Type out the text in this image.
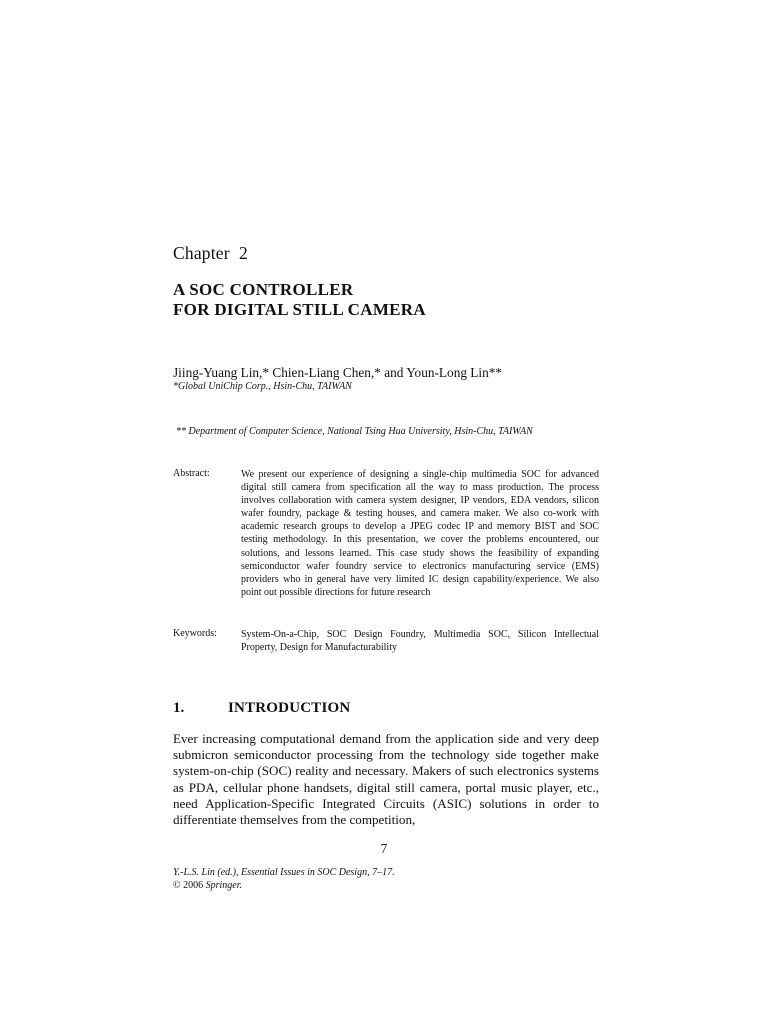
Chapter  2
A SOC CONTROLLER
FOR DIGITAL STILL CAMERA
Jiing-Yuang Lin,* Chien-Liang Chen,* and Youn-Long Lin**
*Global UniChip Corp., Hsin-Chu, TAIWAN
** Department of Computer Science, National Tsing Hua University, Hsin-Chu, TAIWAN
Abstract:	We present our experience of designing a single-chip multimedia SOC for advanced digital still camera from specification all the way to mass production. The process involves collaboration with camera system designer, IP vendors, EDA vendors, silicon wafer foundry, package & testing houses, and camera maker. We also co-work with academic research groups to develop a JPEG codec IP and memory BIST and SOC testing methodology. In this presentation, we cover the problems encountered, our solutions, and lessons learned. This case study shows the feasibility of expanding semiconductor wafer foundry service to electronics manufacturing service (EMS) providers who in general have very limited IC design capability/experience. We also point out possible directions for future research
Keywords: System-On-a-Chip, SOC Design Foundry, Multimedia SOC, Silicon Intellectual Property, Design for Manufacturability
1.	INTRODUCTION
Ever increasing computational demand from the application side and very deep submicron semiconductor processing from the technology side together make system-on-chip (SOC) reality and necessary. Makers of such electronics systems as PDA, cellular phone handsets, digital still camera, portal music player, etc., need Application-Specific Integrated Circuits (ASIC) solutions in order to differentiate themselves from the competition,
7
Y.-L.S. Lin (ed.), Essential Issues in SOC Design, 7–17.
© 2006 Springer.
